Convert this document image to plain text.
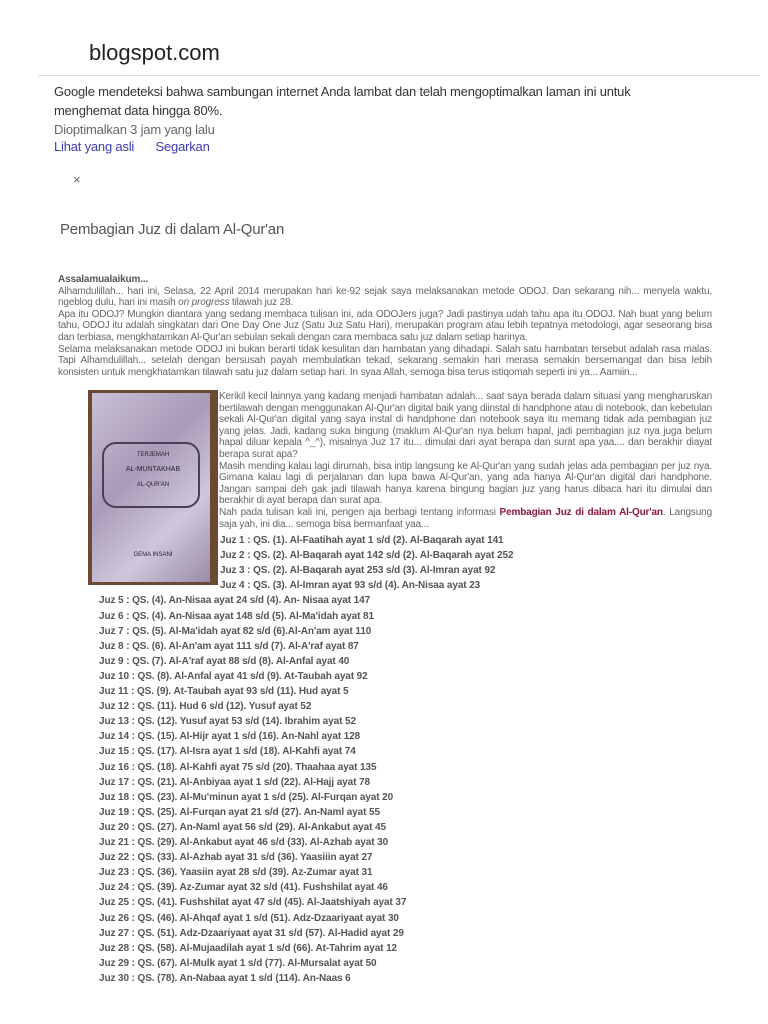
blogspot.com
Google mendeteksi bahwa sambungan internet Anda lambat dan telah mengoptimalkan laman ini untuk menghemat data hingga 80%.
Dioptimalkan 3 jam yang lalu
Lihat yang asli Segarkan
×
Pembagian Juz di dalam Al-Qur'an

Assalamualaikum...

Alhamdulillah... hari ini, Selasa, 22 April 2014 merupakan hari ke-92 sejak saya melaksanakan metode ODOJ. Dan sekarang nih... menyela waktu, ngeblog dulu, hari ini masih on progress tilawah juz 28.

Apa itu ODOJ? Mungkin diantara yang sedang membaca tulisan ini, ada ODOJers juga? Jadi pastinya udah tahu apa itu ODOJ. Nah buat yang belum tahu, ODOJ itu adalah singkatan dari One Day One Juz (Satu Juz Satu Hari), merupakan program atau lebih tepatnya metodologi, agar seseorang bisa dan terbiasa, mengkhatamkan Al-Qur'an sebulan sekali dengan cara membaca satu juz dalam setiap harinya.

Selama melaksanakan metode ODOJ ini bukan berarti tidak kesulitan dan hambatan yang dihadapi. Salah satu hambatan tersebut adalah rasa malas. Tapi Alhamdulillah... setelah dengan bersusah payah membulatkan tekad, sekarang semakin hari merasa semakin bersemangat dan bisa lebih konsisten untuk mengkhatamkan tilawah satu juz dalam setiap hari. In syaa Allah, semoga bisa terus istiqomah seperti ini ya... Aamiin...

TERJEMAH
AL-MUNTAKHAB
AL-QUR'AN
GEMA INSANI

Kerikil kecil lainnya yang kadang menjadi hambatan adalah... saat saya berada dalam situasi yang mengharuskan bertilawah dengan menggunakan Al-Qur'an digital baik yang diinstal di handphone atau di notebook, dan kebetulan sekali Al-Qur'an digital yang saya instal di handphone dan notebook saya itu memang tidak ada pembagian juz yang jelas. Jadi, kadang suka bingung (maklum Al-Qur'an nya belum hapal, jadi pembagian juz nya juga belum hapal diluar kepala ^_^), misalnya Juz 17 itu... dimulai dari ayat berapa dan surat apa yaa.... dan berakhir diayat berapa surat apa?

Masih mending kalau lagi dirumah, bisa intip langsung ke Al-Qur'an yang sudah jelas ada pembagian per juz nya. Gimana kalau lagi di perjalanan dan lupa bawa Al-Qur'an, yang ada hanya Al-Qur'an digital dari handphone. Jangan sampai deh gak jadi tilawah hanya karena bingung bagian juz yang harus dibaca hari itu dimulai dan berakhir di ayat berapa dan surat apa.

Nah pada tulisan kali ini, pengen aja berbagi tentang informasi Pembagian Juz di dalam Al-Qur'an. Langsung saja yah, ini dia... semoga bisa bermanfaat yaa...

Juz 1 : QS. (1). Al-Faatihah ayat 1 s/d (2). Al-Baqarah ayat 141
Juz 2 : QS. (2). Al-Baqarah ayat 142 s/d (2). Al-Baqarah ayat 252
Juz 3 : QS. (2). Al-Baqarah ayat 253 s/d (3). Al-Imran ayat 92
Juz 4 : QS. (3). Al-Imran ayat 93 s/d (4). An-Nisaa ayat 23
Juz 5 : QS. (4). An-Nisaa ayat 24 s/d (4). An- Nisaa ayat 147
Juz 6 : QS. (4). An-Nisaa ayat 148 s/d (5). Al-Ma'idah ayat 81
Juz 7 : QS. (5). Al-Ma'idah ayat 82 s/d (6).Al-An'am ayat 110
Juz 8 : QS. (6). Al-An'am ayat 111 s/d (7). Al-A'raf ayat 87
Juz 9 : QS. (7). Al-A'raf ayat 88 s/d (8). Al-Anfal ayat 40
Juz 10 : QS. (8). Al-Anfal ayat 41 s/d (9). At-Taubah ayat 92
Juz 11 : QS. (9). At-Taubah ayat 93 s/d (11). Hud ayat 5
Juz 12 : QS. (11). Hud 6 s/d (12). Yusuf ayat 52
Juz 13 : QS. (12). Yusuf ayat 53 s/d (14). Ibrahim ayat 52
Juz 14 : QS. (15). Al-Hijr ayat 1 s/d (16). An-Nahl ayat 128
Juz 15 : QS. (17). Al-Isra ayat 1 s/d (18). Al-Kahfi ayat 74
Juz 16 : QS. (18). Al-Kahfi ayat 75 s/d (20). Thaahaa ayat 135
Juz 17 : QS. (21). Al-Anbiyaa ayat 1 s/d (22). Al-Hajj ayat 78
Juz 18 : QS. (23). Al-Mu'minun ayat 1 s/d (25). Al-Furqan ayat 20
Juz 19 : QS. (25). Al-Furqan ayat 21 s/d (27). An-Naml ayat 55
Juz 20 : QS. (27). An-Naml ayat 56 s/d (29). Al-Ankabut ayat 45
Juz 21 : QS. (29). Al-Ankabut ayat 46 s/d (33). Al-Azhab ayat 30
Juz 22 : QS. (33). Al-Azhab ayat 31 s/d (36). Yaasiiin ayat 27
Juz 23 : QS. (36). Yaasiin ayat 28 s/d (39). Az-Zumar ayat 31
Juz 24 : QS. (39). Az-Zumar ayat 32 s/d (41). Fushshilat ayat 46
Juz 25 : QS. (41). Fushshilat ayat 47 s/d (45). Al-Jaatshiyah ayat 37
Juz 26 : QS. (46). Al-Ahqaf ayat 1 s/d (51). Adz-Dzaariyaat ayat 30
Juz 27 : QS. (51). Adz-Dzaariyaat ayat 31 s/d (57). Al-Hadid ayat 29
Juz 28 : QS. (58). Al-Mujaadilah ayat 1 s/d (66). At-Tahrim ayat 12
Juz 29 : QS. (67). Al-Mulk ayat 1 s/d (77). Al-Mursalat ayat 50
Juz 30 : QS. (78). An-Nabaa ayat 1 s/d (114). An-Naas 6
